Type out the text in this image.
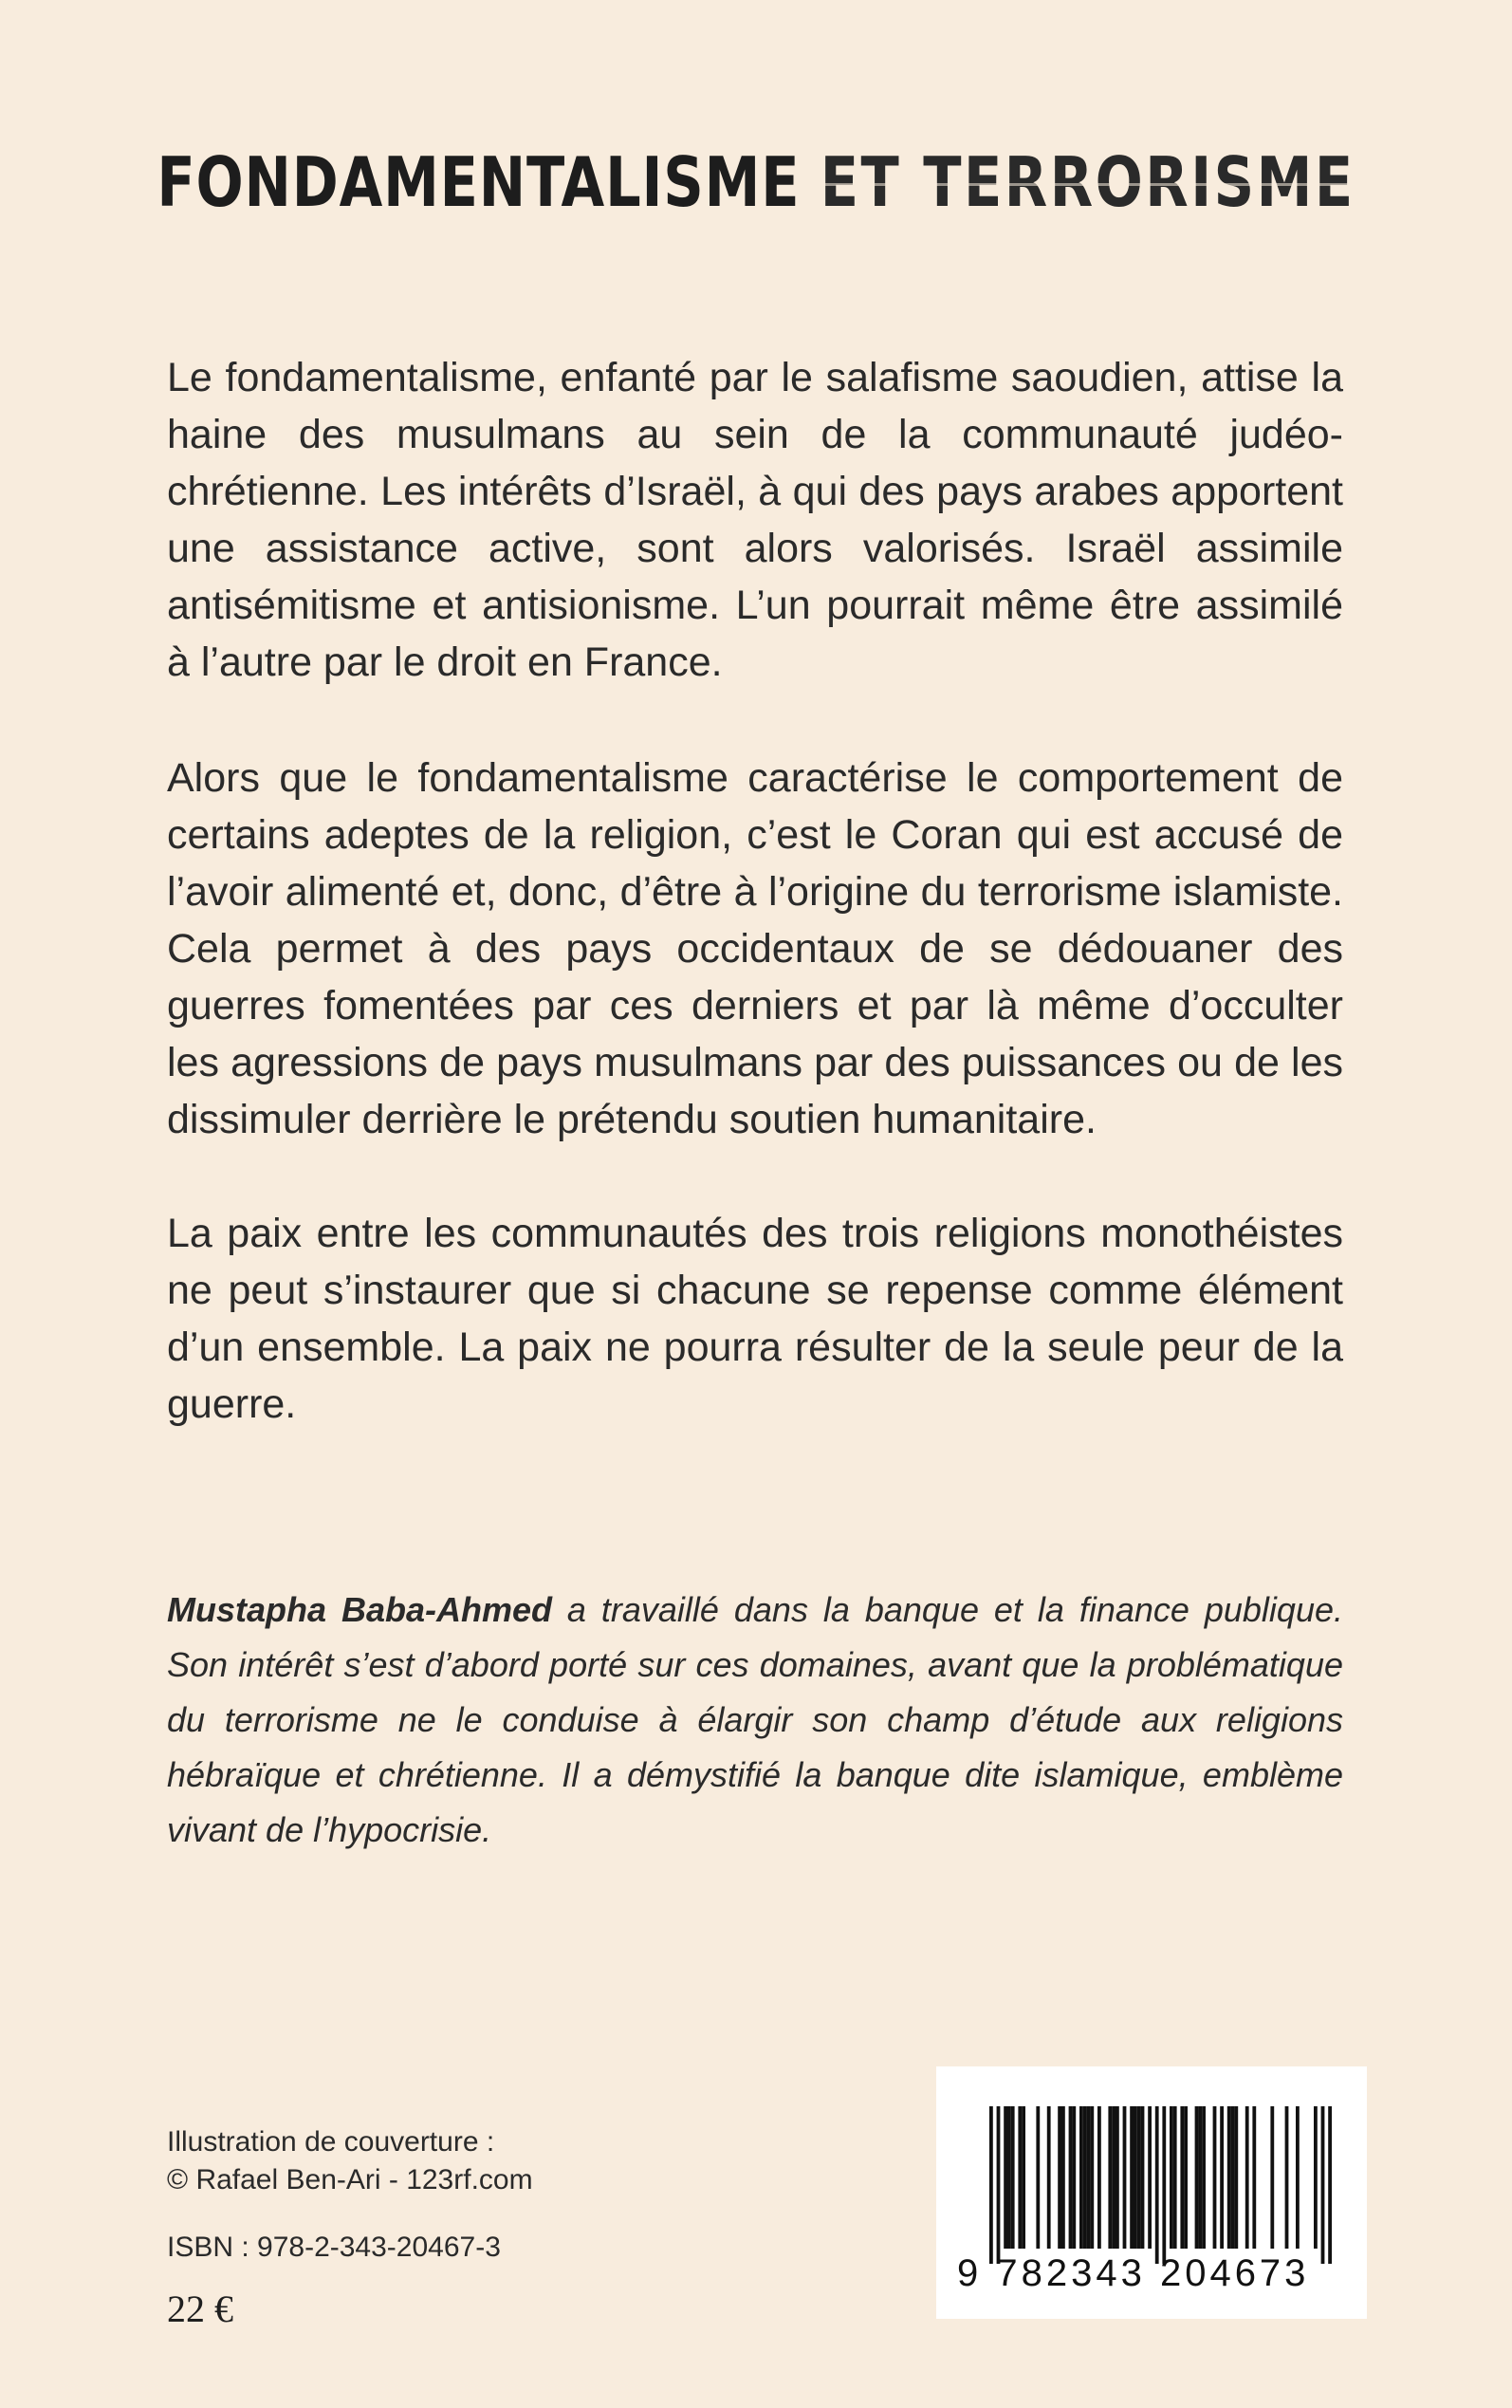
FONDAMENTALISME ET TERRORISME
Le fondamentalisme, enfanté par le salafisme saoudien, attise la haine des musulmans au sein de la communauté judéo-chrétienne. Les intérêts d’Israël, à qui des pays arabes apportent une assistance active, sont alors valorisés. Israël assimile antisémitisme et antisionisme. L’un pourrait même être assimilé à l’autre par le droit en France.
Alors que le fondamentalisme caractérise le comportement de certains adeptes de la religion, c’est le Coran qui est accusé de l’avoir alimenté et, donc, d’être à l’origine du terrorisme islamiste. Cela permet à des pays occidentaux de se dédouaner des guerres fomentées par ces derniers et par là même d’occulter les agressions de pays musulmans par des puissances ou de les dissimuler derrière le prétendu soutien humanitaire.
La paix entre les communautés des trois religions monothéistes ne peut s’instaurer que si chacune se repense comme élément d’un ensemble. La paix ne pourra résulter de la seule peur de la guerre.
Mustapha Baba-Ahmed a travaillé dans la banque et la finance publique. Son intérêt s’est d’abord porté sur ces domaines, avant que la problématique du terrorisme ne le conduise à élargir son champ d’étude aux religions hébraïque et chrétienne. Il a démystifié la banque dite islamique, emblème vivant de l’hypocrisie.
Illustration de couverture :
© Rafael Ben-Ari - 123rf.com
ISBN : 978-2-343-20467-3
22 €
9 782343 204673
